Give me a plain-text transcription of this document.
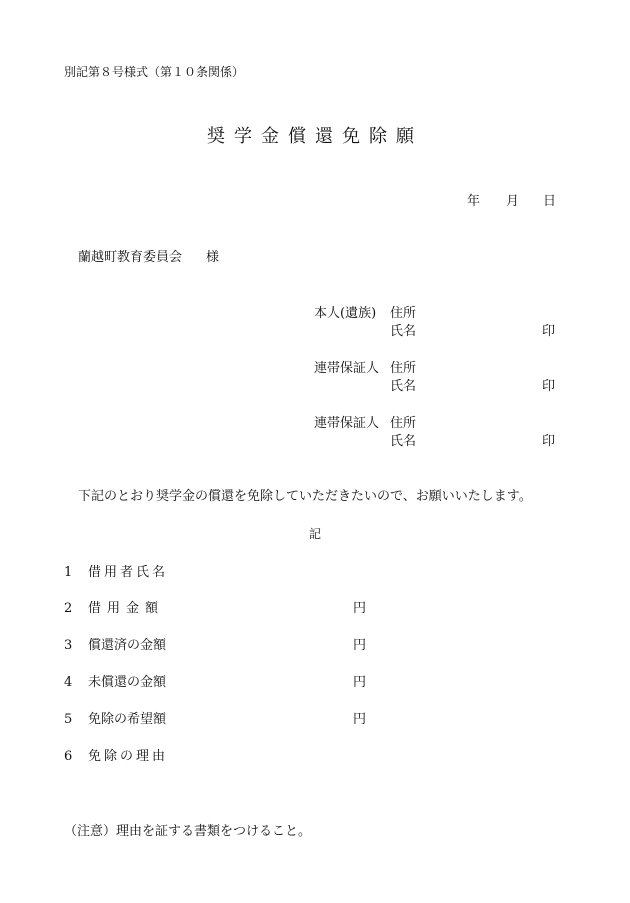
別記第８号様式（第１０条関係）
奨学金償還免除願
年 月 日
蘭越町教育委員会 様
本人(遺族) 住所
氏名	印
連帯保証人 住所
氏名	印
連帯保証人 住所
氏名	印
下記のとおり奨学金の償還を免除していただきたいので、お願いいたします。
記
1 借用者氏名
2 借用金額	円
3 償還済の金額	円
4 未償還の金額	円
5 免除の希望額	円
6 免除の理由
（注意）理由を証する書類をつけること。
